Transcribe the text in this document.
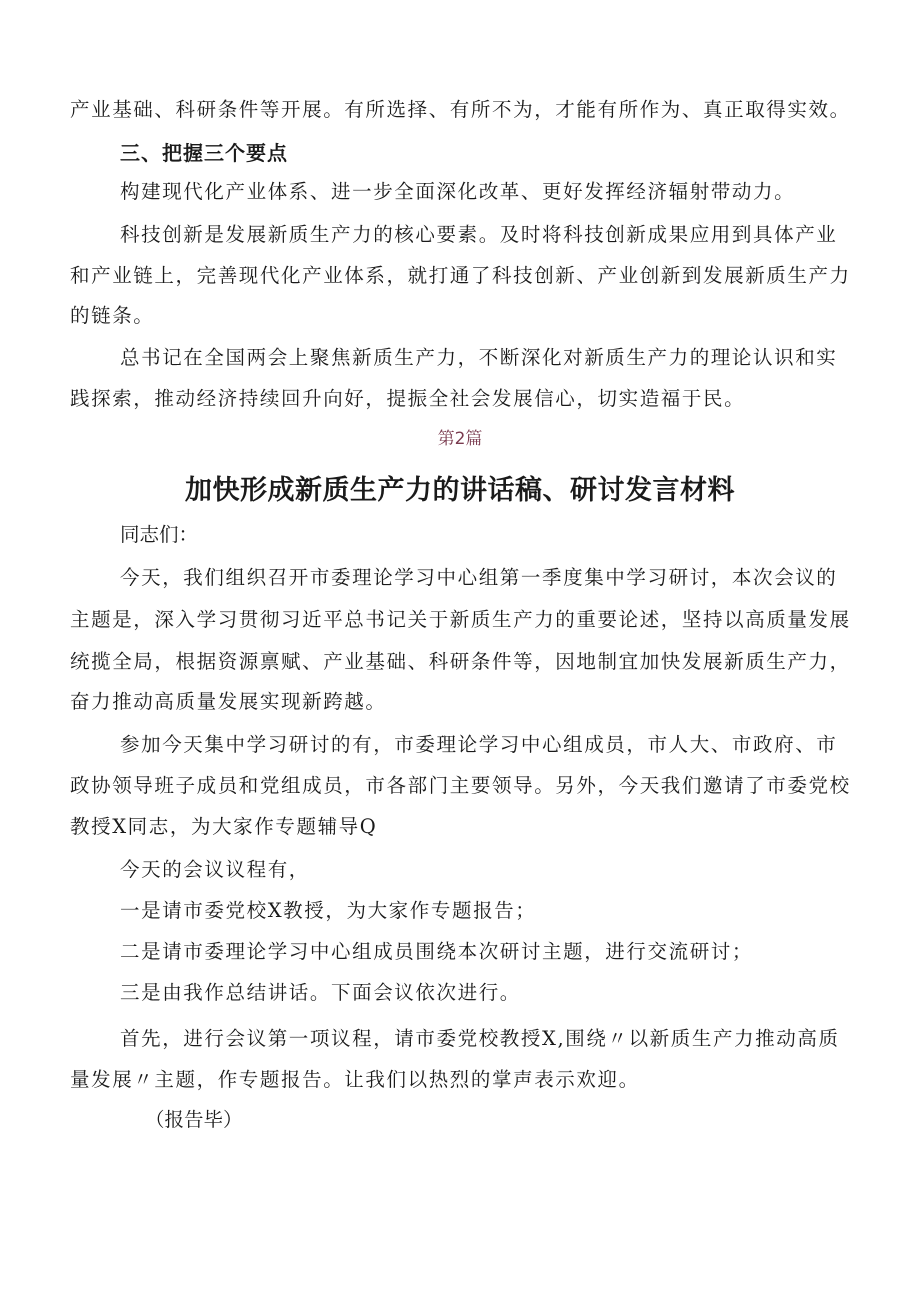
产业基础、科研条件等开展。有所选择、有所不为，才能有所作为、真正取得实效。
三、把握三个要点
构建现代化产业体系、进一步全面深化改革、更好发挥经济辐射带动力。
科技创新是发展新质生产力的核心要素。及时将科技创新成果应用到具体产业
和产业链上，完善现代化产业体系，就打通了科技创新、产业创新到发展新质生产力
的链条。
总书记在全国两会上聚焦新质生产力，不断深化对新质生产力的理论认识和实
践探索，推动经济持续回升向好，提振全社会发展信心，切实造福于民。
第2篇
加快形成新质生产力的讲话稿、研讨发言材料
同志们：
今天，我们组织召开市委理论学习中心组第一季度集中学习研讨，本次会议的
主题是，深入学习贯彻习近平总书记关于新质生产力的重要论述，坚持以高质量发展
统揽全局，根据资源禀赋、产业基础、科研条件等，因地制宜加快发展新质生产力，
奋力推动高质量发展实现新跨越。
参加今天集中学习研讨的有，市委理论学习中心组成员，市人大、市政府、市
政协领导班子成员和党组成员，市各部门主要领导。另外，今天我们邀请了市委党校
教授X同志，为大家作专题辅导Q
今天的会议议程有，
一是请市委党校X教授，为大家作专题报告；
二是请市委理论学习中心组成员围绕本次研讨主题，进行交流研讨；
三是由我作总结讲话。下面会议依次进行。
首先，进行会议第一项议程，请市委党校教授X,围绕〃以新质生产力推动高质
量发展〃主题，作专题报告。让我们以热烈的掌声表示欢迎。
（报告毕）
